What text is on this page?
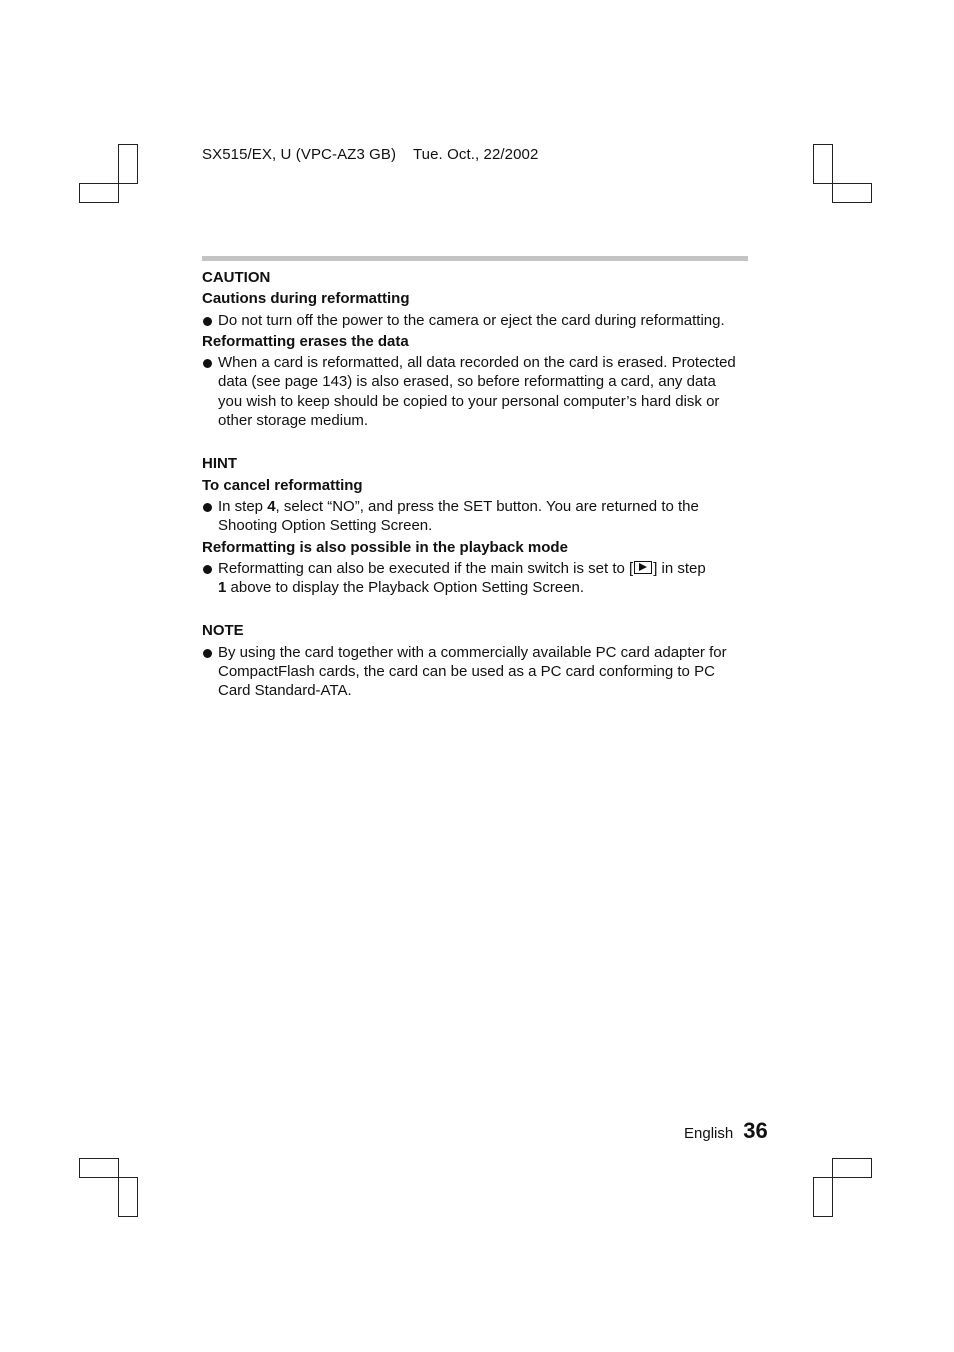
SX515/EX, U (VPC-AZ3 GB) Tue. Oct., 22/2002

CAUTION

Cautions during reformatting

Do not turn off the power to the camera or eject the card during reformatting.

Reformatting erases the data

When a card is reformatted, all data recorded on the card is erased. Protected data (see page 143) is also erased, so before reformatting a card, any data you wish to keep should be copied to your personal computer’s hard disk or other storage medium.

HINT

To cancel reformatting

In step 4, select “NO”, and press the SET button. You are returned to the Shooting Option Setting Screen.

Reformatting is also possible in the playback mode

Reformatting can also be executed if the main switch is set to [ ] in step
1 above to display the Playback Option Setting Screen.

NOTE

By using the card together with a commercially available PC card adapter for CompactFlash cards, the card can be used as a PC card conforming to PC Card Standard-ATA.

English 36
